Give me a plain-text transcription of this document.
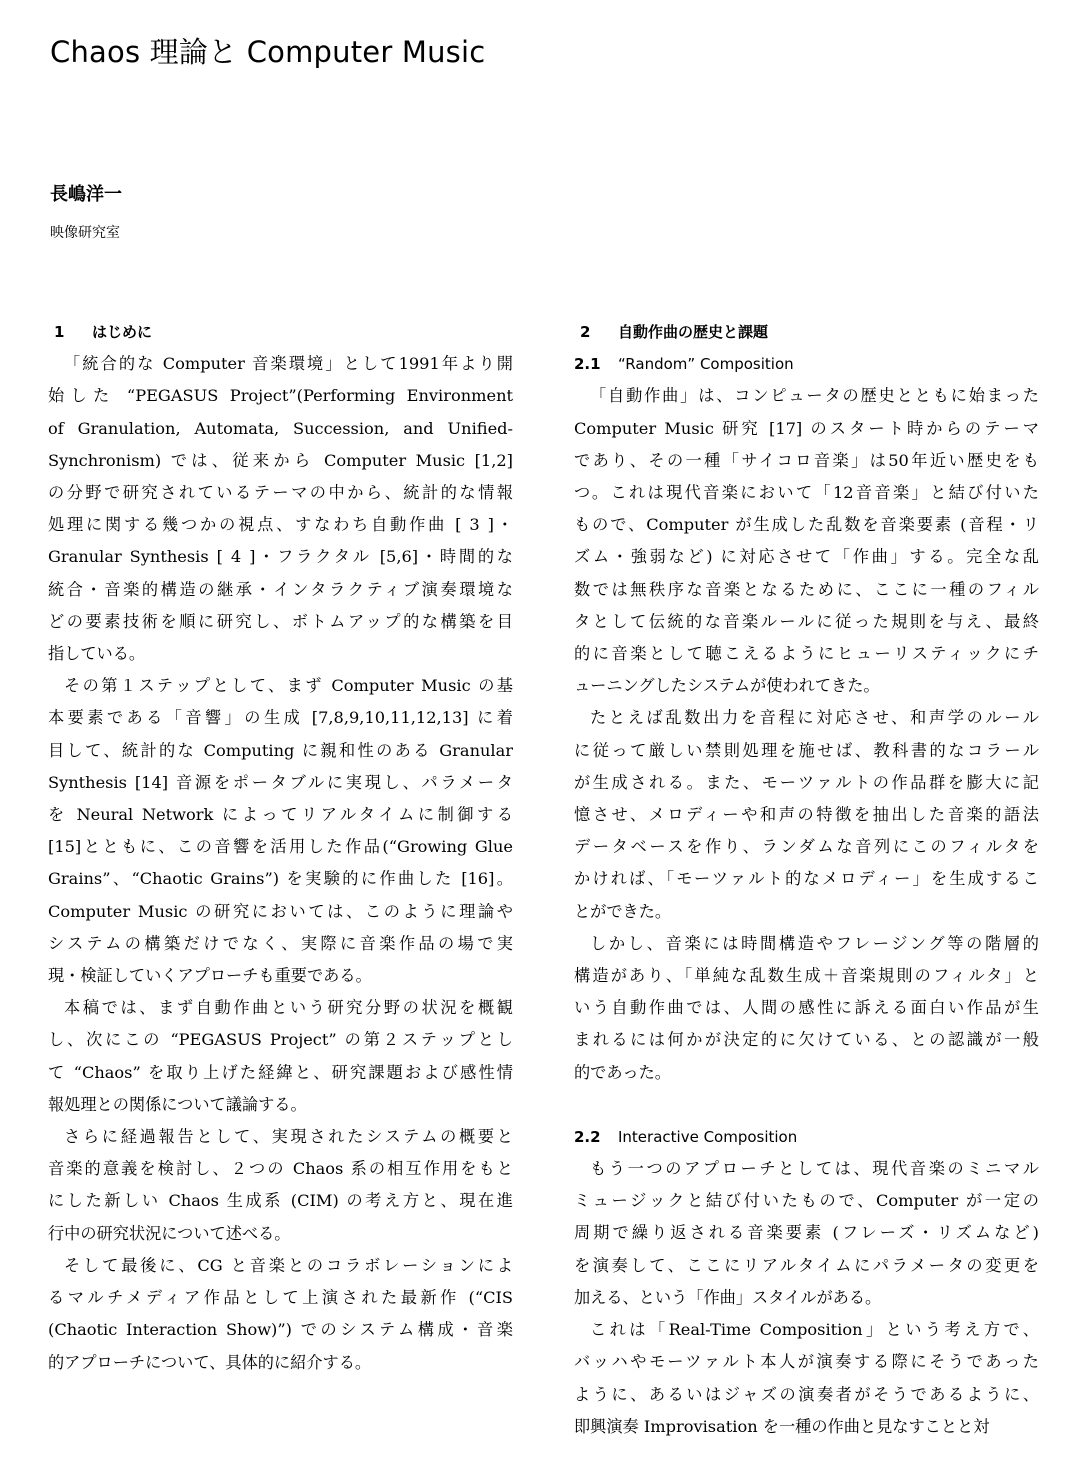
Chaos 理論と Computer Music
長嶋洋一
映像研究室
1 はじめに
「統合的な Computer 音楽環境」として1991年より開
始した “PEGASUS Project”(Performing Environment
of Granulation, Automata, Succession, and Unified-
Synchronism) では、従来から Computer Music [1,2]
の分野で研究されているテーマの中から、統計的な情報
処理に関する幾つかの視点、すなわち自動作曲 [ 3 ]・
Granular Synthesis [ 4 ]・フラクタル [5,6]・時間的な
統合・音楽的構造の継承・インタラクティブ演奏環境な
どの要素技術を順に研究し、ボトムアップ的な構築を目
指している。
その第１ステップとして、まず Computer Music の基
本要素である「音響」の生成 [7,8,9,10,11,12,13] に着
目して、統計的な Computing に親和性のある Granular
Synthesis [14] 音源をポータブルに実現し、パラメータ
を Neural Network によってリアルタイムに制御する
[15]とともに、この音響を活用した作品(“Growing Glue
Grains”、“Chaotic Grains”) を実験的に作曲した [16]。
Computer Music の研究においては、このように理論や
システムの構築だけでなく、実際に音楽作品の場で実
現・検証していくアプローチも重要である。
本稿では、まず自動作曲という研究分野の状況を概観
し、次にこの “PEGASUS Project” の第２ステップとし
て “Chaos” を取り上げた経緯と、研究課題および感性情
報処理との関係について議論する。
さらに経過報告として、実現されたシステムの概要と
音楽的意義を検討し、２つの Chaos 系の相互作用をもと
にした新しい Chaos 生成系 (CIM) の考え方と、現在進
行中の研究状況について述べる。
そして最後に、CG と音楽とのコラボレーションによ
るマルチメディア作品として上演された最新作 (“CIS
(Chaotic Interaction Show)”) でのシステム構成・音楽
的アプローチについて、具体的に紹介する。
2 自動作曲の歴史と課題
2.1 “Random” Composition
「自動作曲」は、コンピュータの歴史とともに始まった
Computer Music 研究 [17] のスタート時からのテーマ
であり、その一種「サイコロ音楽」は50年近い歴史をも
つ。これは現代音楽において「12音音楽」と結び付いた
もので、Computer が生成した乱数を音楽要素 (音程・リ
ズム・強弱など) に対応させて「作曲」する。完全な乱
数では無秩序な音楽となるために、ここに一種のフィル
タとして伝統的な音楽ルールに従った規則を与え、最終
的に音楽として聴こえるようにヒューリスティックにチ
ューニングしたシステムが使われてきた。
たとえば乱数出力を音程に対応させ、和声学のルール
に従って厳しい禁則処理を施せば、教科書的なコラール
が生成される。また、モーツァルトの作品群を膨大に記
憶させ、メロディーや和声の特徴を抽出した音楽的語法
データベースを作り、ランダムな音列にこのフィルタを
かければ、「モーツァルト的なメロディー」を生成するこ
とができた。
しかし、音楽には時間構造やフレージング等の階層的
構造があり、「単純な乱数生成＋音楽規則のフィルタ」と
いう自動作曲では、人間の感性に訴える面白い作品が生
まれるには何かが決定的に欠けている、との認識が一般
的であった。
2.2 Interactive Composition
もう一つのアプローチとしては、現代音楽のミニマル
ミュージックと結び付いたもので、Computer が一定の
周期で繰り返される音楽要素 (フレーズ・リズムなど)
を演奏して、ここにリアルタイムにパラメータの変更を
加える、という「作曲」スタイルがある。
これは「Real-Time Composition」という考え方で、
バッハやモーツァルト本人が演奏する際にそうであった
ように、あるいはジャズの演奏者がそうであるように、
即興演奏 Improvisation を一種の作曲と見なすことと対
